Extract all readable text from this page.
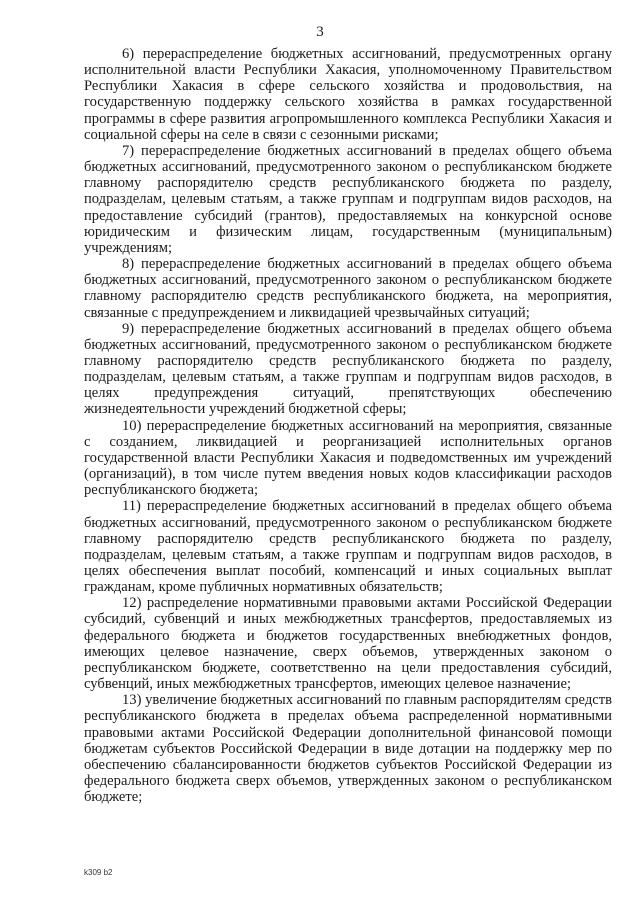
3

6) перераспределение бюджетных ассигнований, предусмотренных органу исполнительной власти Республики Хакасия, уполномоченному Правительством Республики Хакасия в сфере сельского хозяйства и продовольствия, на государственную поддержку сельского хозяйства в рамках государственной программы в сфере развития агропромышленного комплекса Республики Хакасия и социальной сферы на селе в связи с сезонными рисками;

7) перераспределение бюджетных ассигнований в пределах общего объема бюджетных ассигнований, предусмотренного законом о республиканском бюджете главному распорядителю средств республиканского бюджета по разделу, подразделам, целевым статьям, а также группам и подгруппам видов расходов, на предоставление субсидий (грантов), предоставляемых на конкурсной основе юридическим и физическим лицам, государственным (муниципальным) учреждениям;

8) перераспределение бюджетных ассигнований в пределах общего объема бюджетных ассигнований, предусмотренного законом о республиканском бюджете главному распорядителю средств республиканского бюджета, на мероприятия, связанные с предупреждением и ликвидацией чрезвычайных ситуаций;

9) перераспределение бюджетных ассигнований в пределах общего объема бюджетных ассигнований, предусмотренного законом о республиканском бюджете главному распорядителю средств республиканского бюджета по разделу, подразделам, целевым статьям, а также группам и подгруппам видов расходов, в целях предупреждения ситуаций, препятствующих обеспечению жизнедеятельности учреждений бюджетной сферы;

10) перераспределение бюджетных ассигнований на мероприятия, связанные с созданием, ликвидацией и реорганизацией исполнительных органов государственной власти Республики Хакасия и подведомственных им учреждений (организаций), в том числе путем введения новых кодов классификации расходов республиканского бюджета;

11) перераспределение бюджетных ассигнований в пределах общего объема бюджетных ассигнований, предусмотренного законом о республиканском бюджете главному распорядителю средств республиканского бюджета по разделу, подразделам, целевым статьям, а также группам и подгруппам видов расходов, в целях обеспечения выплат пособий, компенсаций и иных социальных выплат гражданам, кроме публичных нормативных обязательств;

12) распределение нормативными правовыми актами Российской Федерации субсидий, субвенций и иных межбюджетных трансфертов, предоставляемых из федерального бюджета и бюджетов государственных внебюджетных фондов, имеющих целевое назначение, сверх объемов, утвержденных законом о республиканском бюджете, соответственно на цели предоставления субсидий, субвенций, иных межбюджетных трансфертов, имеющих целевое назначение;

13) увеличение бюджетных ассигнований по главным распорядителям средств республиканского бюджета в пределах объема распределенной нормативными правовыми актами Российской Федерации дополнительной финансовой помощи бюджетам субъектов Российской Федерации в виде дотации на поддержку мер по обеспечению сбалансированности бюджетов субъектов Российской Федерации из федерального бюджета сверх объемов, утвержденных законом о республиканском бюджете;

k309 b2
